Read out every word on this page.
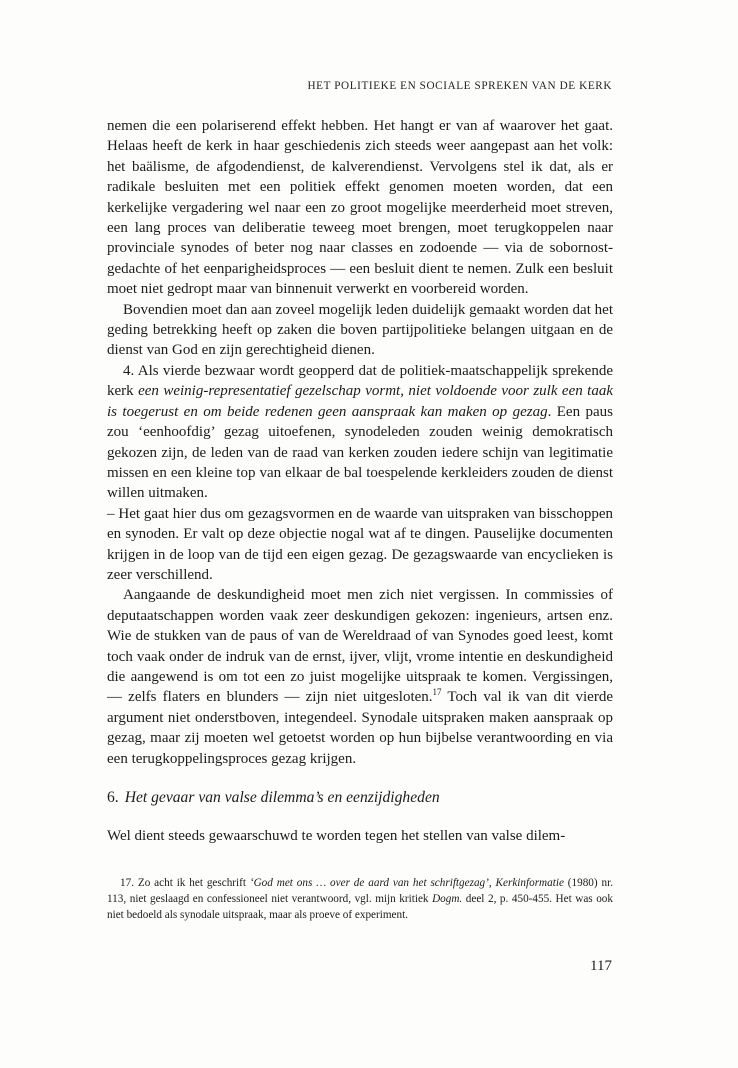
HET POLITIEKE EN SOCIALE SPREKEN VAN DE KERK

nemen die een polariserend effekt hebben. Het hangt er van af waarover het gaat. Helaas heeft de kerk in haar geschiedenis zich steeds weer aangepast aan het volk: het baälisme, de afgodendienst, de kalverendienst. Vervolgens stel ik dat, als er radikale besluiten met een politiek effekt genomen moeten worden, dat een kerkelijke vergadering wel naar een zo groot mogelijke meerderheid moet streven, een lang proces van deliberatie teweeg moet brengen, moet terugkoppelen naar provinciale synodes of beter nog naar classes en zodoende — via de sobornost-gedachte of het eenparigheidsproces — een besluit dient te nemen. Zulk een besluit moet niet gedropt maar van binnenuit verwerkt en voorbereid worden.

Bovendien moet dan aan zoveel mogelijk leden duidelijk gemaakt worden dat het geding betrekking heeft op zaken die boven partijpolitieke belangen uitgaan en de dienst van God en zijn gerechtigheid dienen.

4. Als vierde bezwaar wordt geopperd dat de politiek-maatschappelijk sprekende kerk een weinig-representatief gezelschap vormt, niet voldoende voor zulk een taak is toegerust en om beide redenen geen aanspraak kan maken op gezag. Een paus zou ‘eenhoofdig’ gezag uitoefenen, synodeleden zouden weinig demokratisch gekozen zijn, de leden van de raad van kerken zouden iedere schijn van legitimatie missen en een kleine top van elkaar de bal toespelende kerkleiders zouden de dienst willen uitmaken.

– Het gaat hier dus om gezagsvormen en de waarde van uitspraken van bisschoppen en synoden. Er valt op deze objectie nogal wat af te dingen. Pauselijke documenten krijgen in de loop van de tijd een eigen gezag. De gezagswaarde van encyclieken is zeer verschillend.

Aangaande de deskundigheid moet men zich niet vergissen. In commissies of deputaatschappen worden vaak zeer deskundigen gekozen: ingenieurs, artsen enz. Wie de stukken van de paus of van de Wereldraad of van Synodes goed leest, komt toch vaak onder de indruk van de ernst, ijver, vlijt, vrome intentie en deskundigheid die aangewend is om tot een zo juist mogelijke uitspraak te komen. Vergissingen, — zelfs flaters en blunders — zijn niet uitgesloten.$^{17}$ Toch val ik van dit vierde argument niet onderstboven, integendeel. Synodale uitspraken maken aanspraak op gezag, maar zij moeten wel getoetst worden op hun bijbelse verantwoording en via een terugkoppelingsproces gezag krijgen.

6. Het gevaar van valse dilemma’s en eenzijdigheden
Wel dient steeds gewaarschuwd te worden tegen het stellen van valse dilem-

17. Zo acht ik het geschrift ‘God met ons … over de aard van het schriftgezag’, Kerkinformatie (1980) nr. 113, niet geslaagd en confessioneel niet verantwoord, vgl. mijn kritiek Dogm. deel 2, p. 450-455. Het was ook niet bedoeld als synodale uitspraak, maar als proeve of experiment.

117
